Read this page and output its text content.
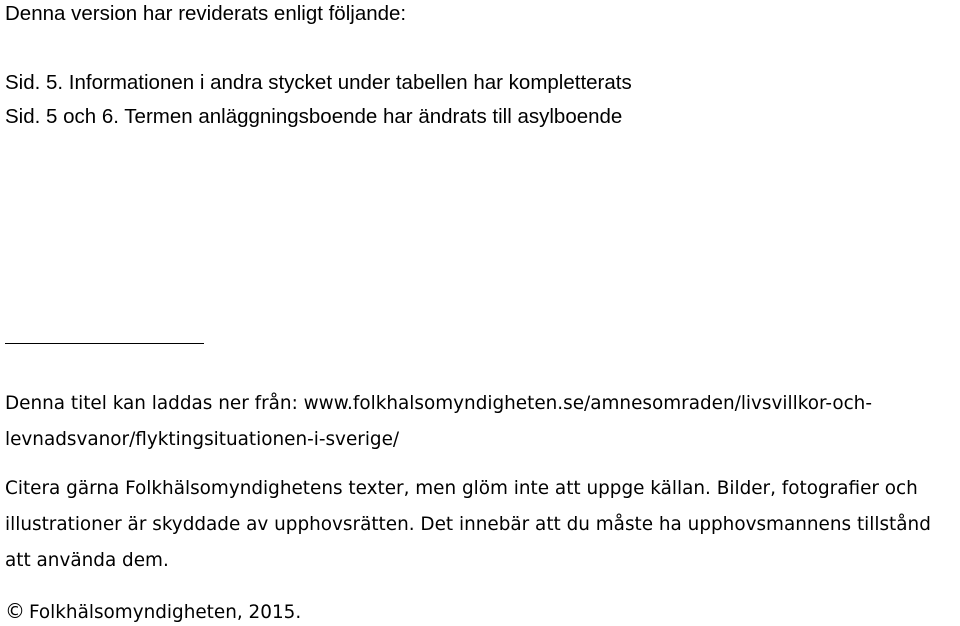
Denna version har reviderats enligt följande:
Sid. 5. Informationen i andra stycket under tabellen har kompletterats
Sid. 5 och 6. Termen anläggningsboende har ändrats till asylboende
Denna titel kan laddas ner från: www.folkhalsomyndigheten.se/amnesomraden/livsvillkor-och-
levnadsvanor/flyktingsituationen-i-sverige/
Citera gärna Folkhälsomyndighetens texter, men glöm inte att uppge källan. Bilder, fotografier och
illustrationer är skyddade av upphovsrätten. Det innebär att du måste ha upphovsmannens tillstånd
att använda dem.
© Folkhälsomyndigheten, 2015.
